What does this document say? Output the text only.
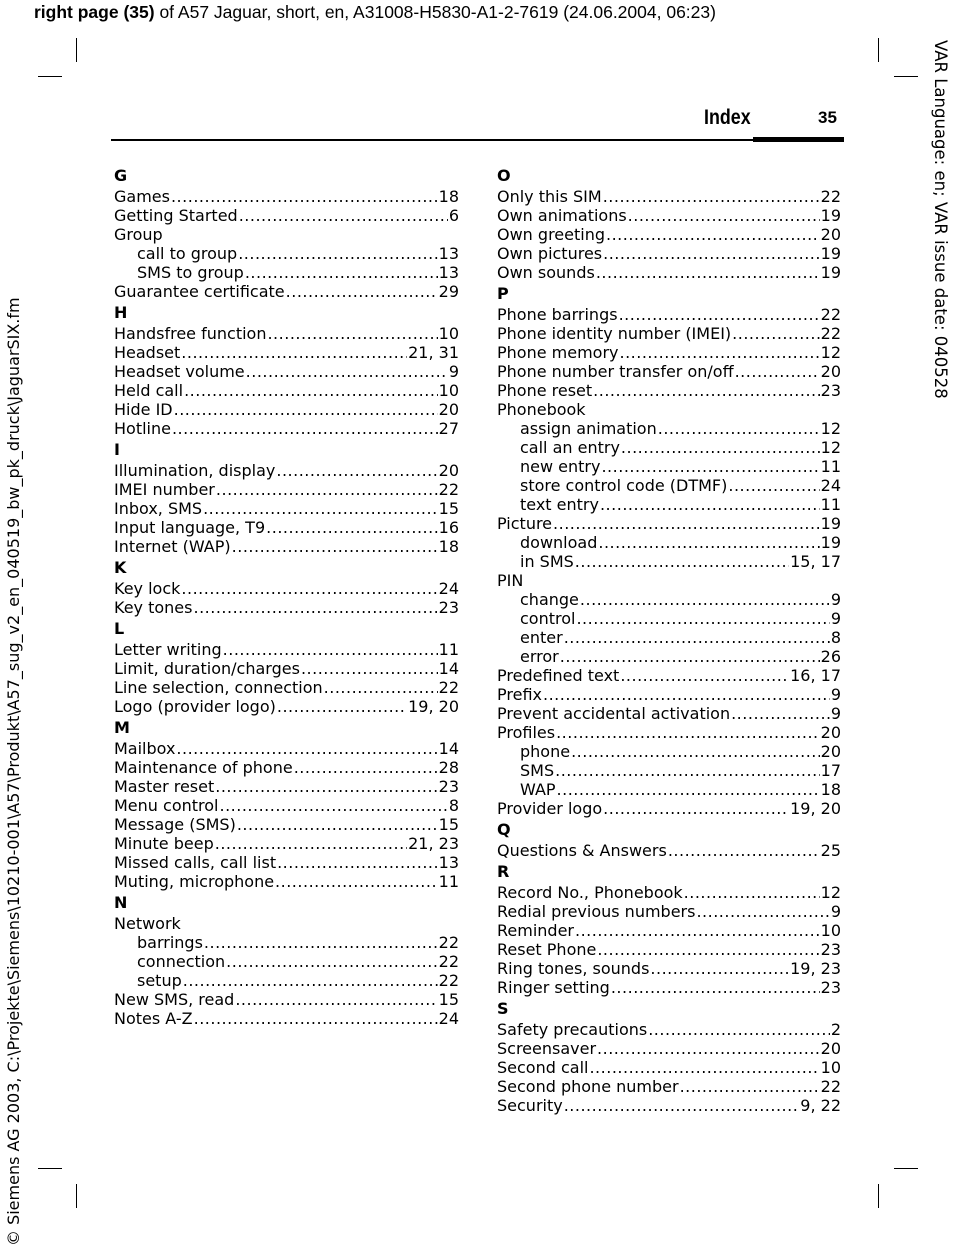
right page (35) of A57 Jaguar, short, en, A31008-H5830-A1-2-7619 (24.06.2004, 06:23)
VAR Language: en; VAR issue date: 040528
© Siemens AG 2003, C:\Projekte\Siemens\10210-001\A57\Produkt\A57_sug_v2_en_040519_bw_pk_druck\JaguarSIX.fm
Index	35
G
Games .....	18
Getting Started .....	6
Group
call to group .....	13
SMS to group .....	13
Guarantee certificate .....	29
H
Handsfree function .....	10
Headset .....	21, 31
Headset volume .....	9
Held call .....	10
Hide ID .....	20
Hotline .....	27
I
Illumination, display .....	20
IMEI number .....	22
Inbox, SMS .....	15
Input language, T9 .....	16
Internet (WAP) .....	18
K
Key lock .....	24
Key tones .....	23
L
Letter writing .....	11
Limit, duration/charges .....	14
Line selection, connection .....	22
Logo (provider logo) .....	19, 20
M
Mailbox .....	14
Maintenance of phone .....	28
Master reset .....	23
Menu control .....	8
Message (SMS) .....	15
Minute beep .....	21, 23
Missed calls, call list .....	13
Muting, microphone .....	11
N
Network
barrings .....	22
connection .....	22
setup .....	22
New SMS, read .....	15
Notes A-Z .....	24
O
Only this SIM .....	22
Own animations .....	19
Own greeting .....	20
Own pictures .....	19
Own sounds .....	19
P
Phone barrings .....	22
Phone identity number (IMEI) .....	22
Phone memory .....	12
Phone number transfer on/off .....	20
Phone reset .....	23
Phonebook
assign animation .....	12
call an entry .....	12
new entry .....	11
store control code (DTMF) .....	24
text entry .....	11
Picture .....	19
download .....	19
in SMS .....	15, 17
PIN
change .....	9
control .....	9
enter .....	8
error .....	26
Predefined text .....	16, 17
Prefix .....	9
Prevent accidental activation .....	9
Profiles .....	20
phone .....	20
SMS .....	17
WAP .....	18
Provider logo .....	19, 20
Q
Questions & Answers .....	25
R
Record No., Phonebook .....	12
Redial previous numbers .....	9
Reminder .....	10
Reset Phone .....	23
Ring tones, sounds .....	19, 23
Ringer setting .....	23
S
Safety precautions .....	2
Screensaver .....	20
Second call .....	10
Second phone number .....	22
Security .....	9, 22
